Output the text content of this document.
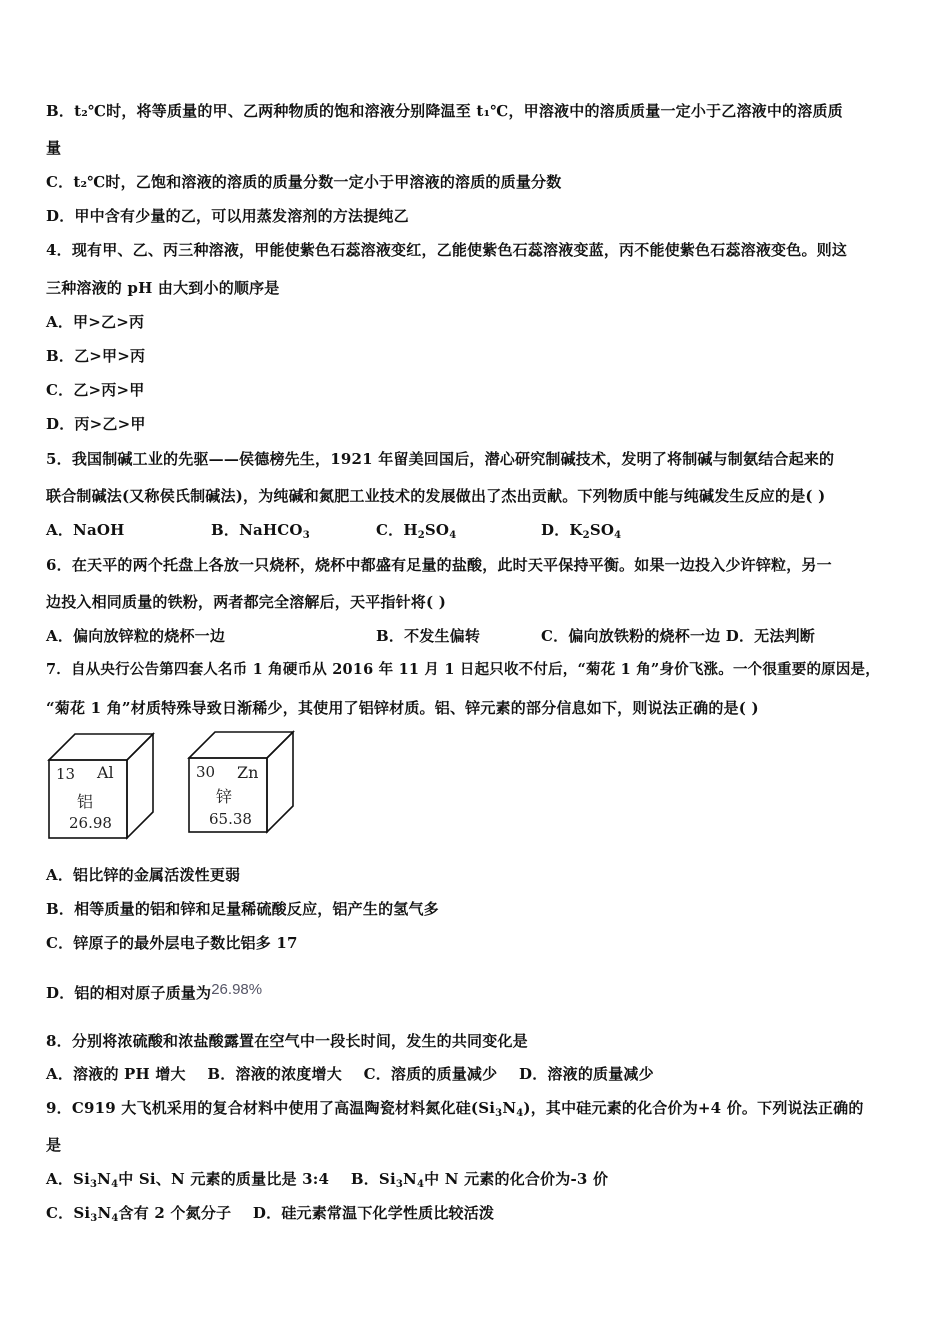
B．t₂℃时，将等质量的甲、乙两种物质的饱和溶液分别降温至 t₁℃，甲溶液中的溶质质量一定小于乙溶液中的溶质质
量
C．t₂℃时，乙饱和溶液的溶质的质量分数一定小于甲溶液的溶质的质量分数
D．甲中含有少量的乙，可以用蒸发溶剂的方法提纯乙
4．现有甲、乙、丙三种溶液，甲能使紫色石蕊溶液变红，乙能使紫色石蕊溶液变蓝，丙不能使紫色石蕊溶液变色。则这
三种溶液的 pH 由大到小的顺序是
A．甲>乙>丙
B．乙>甲>丙
C．乙>丙>甲
D．丙>乙>甲
5．我国制碱工业的先驱——侯德榜先生，1921 年留美回国后，潜心研究制碱技术，发明了将制碱与制氨结合起来的
联合制碱法(又称侯氏制碱法)，为纯碱和氮肥工业技术的发展做出了杰出贡献。下列物质中能与纯碱发生反应的是( )
A．NaOH	B．NaHCO$_3$	C．$H_2SO_4$	D．$K_2SO_4$
6．在天平的两个托盘上各放一只烧杯，烧杯中都盛有足量的盐酸，此时天平保持平衡。如果一边投入少许锌粒，另一
边投入相同质量的铁粉，两者都完全溶解后，天平指针将( )
A．偏向放锌粒的烧杯一边	B．不发生偏转	C．偏向放铁粉的烧杯一边 D．无法判断
7．自从央行公告第四套人名币 1 角硬币从 2016 年 11 月 1 日起只收不付后，“菊花 1 角”身价飞涨。一个很重要的原因是，
“菊花 1 角”材质特殊导致日渐稀少，其使用了铝锌材质。铝、锌元素的部分信息如下，则说法正确的是( )
13 Al
铝
26.98
30 Zn
锌
65.38
A．铝比锌的金属活泼性更弱
B．相等质量的铝和锌和足量稀硫酸反应，铝产生的氢气多
C．锌原子的最外层电子数比铝多 17
D．铝的相对原子质量为26.98%
8．分别将浓硫酸和浓盐酸露置在空气中一段长时间，发生的共同变化是
A．溶液的 PH 增大    B．溶液的浓度增大    C．溶质的质量减少    D．溶液的质量减少
9．C919 大飞机采用的复合材料中使用了高温陶瓷材料氮化硅$(Si_3N_4)$，其中硅元素的化合价为+4 价。下列说法正确的
是
A．$Si_3N_4$中 Si、N 元素的质量比是 3:4    B．$Si_3N_4$中 N 元素的化合价为-3 价
C．$Si_3N_4$含有 2 个氮分子    D．硅元素常温下化学性质比较活泼
